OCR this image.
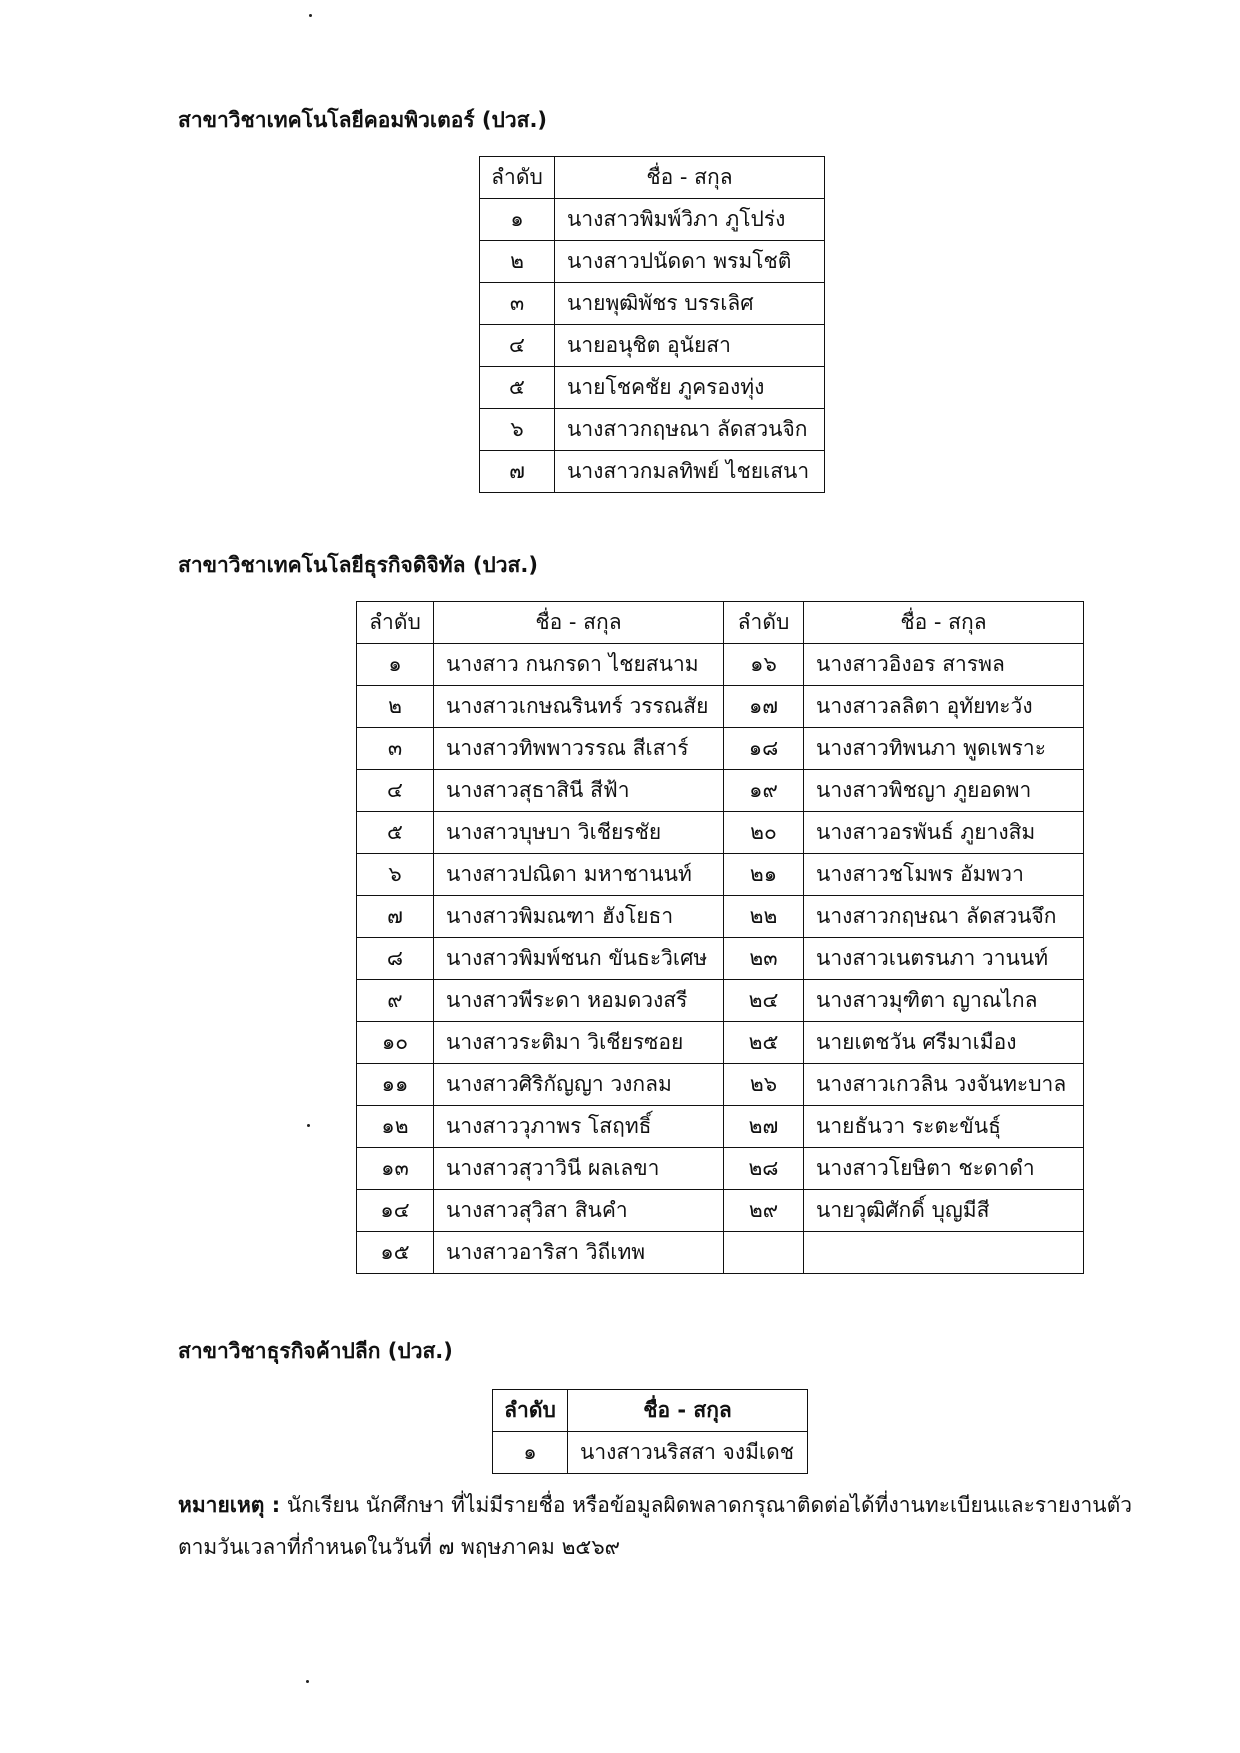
สาขาวิชาเทคโนโลยีคอมพิวเตอร์ (ปวส.)
ลำดับ	ชื่อ - สกุล
๑	นางสาวพิมพ์วิภา ภูโปร่ง
๒	นางสาวปนัดดา พรมโชติ
๓	นายพุฒิพัชร บรรเลิศ
๔	นายอนุชิต อุนัยสา
๕	นายโชคชัย ภูครองทุ่ง
๖	นางสาวกฤษณา ลัดสวนจิก
๗	นางสาวกมลทิพย์ ไชยเสนา
สาขาวิชาเทคโนโลยีธุรกิจดิจิทัล (ปวส.)
ลำดับ	ชื่อ - สกุล	ลำดับ	ชื่อ - สกุล
๑	นางสาว กนกรดา ไชยสนาม	๑๖	นางสาวอิงอร สารพล
๒	นางสาวเกษณรินทร์ วรรณสัย	๑๗	นางสาวลลิตา อุทัยทะวัง
๓	นางสาวทิพพาวรรณ สีเสาร์	๑๘	นางสาวทิพนภา พูดเพราะ
๔	นางสาวสุธาสินี สีฟ้า	๑๙	นางสาวพิชญา ภูยอดพา
๕	นางสาวบุษบา วิเชียรชัย	๒๐	นางสาวอรพันธ์ ภูยางสิม
๖	นางสาวปณิดา มหาชานนท์	๒๑	นางสาวชโมพร อัมพวา
๗	นางสาวพิมณฑา ฮังโยธา	๒๒	นางสาวกฤษณา ลัดสวนจึก
๘	นางสาวพิมพ์ชนก ขันธะวิเศษ	๒๓	นางสาวเนตรนภา วานนท์
๙	นางสาวพีระดา หอมดวงสรี	๒๔	นางสาวมุฑิตา ญาณไกล
๑๐	นางสาวระติมา วิเชียรซอย	๒๕	นายเตชวัน ศรีมาเมือง
๑๑	นางสาวศิริกัญญา วงกลม	๒๖	นางสาวเกวลิน วงจันทะบาล
๑๒	นางสาววุภาพร โสฤทธิ์	๒๗	นายธันวา ระตะขันธุ์
๑๓	นางสาวสุวาวินี ผลเลขา	๒๘	นางสาวโยษิตา ชะดาดำ
๑๔	นางสาวสุวิสา สินคำ	๒๙	นายวุฒิศักดิ์ บุญมีสี
๑๕	นางสาวอาริสา วิถีเทพ		
สาขาวิชาธุรกิจค้าปลีก (ปวส.)
ลำดับ	ชื่อ - สกุล
๑	นางสาวนริสสา จงมีเดช
หมายเหตุ : นักเรียน นักศึกษา ที่ไม่มีรายชื่อ หรือข้อมูลผิดพลาดกรุณาติดต่อได้ที่งานทะเบียนและรายงานตัวตามวันเวลาที่กำหนดในวันที่ ๗ พฤษภาคม ๒๕๖๙
